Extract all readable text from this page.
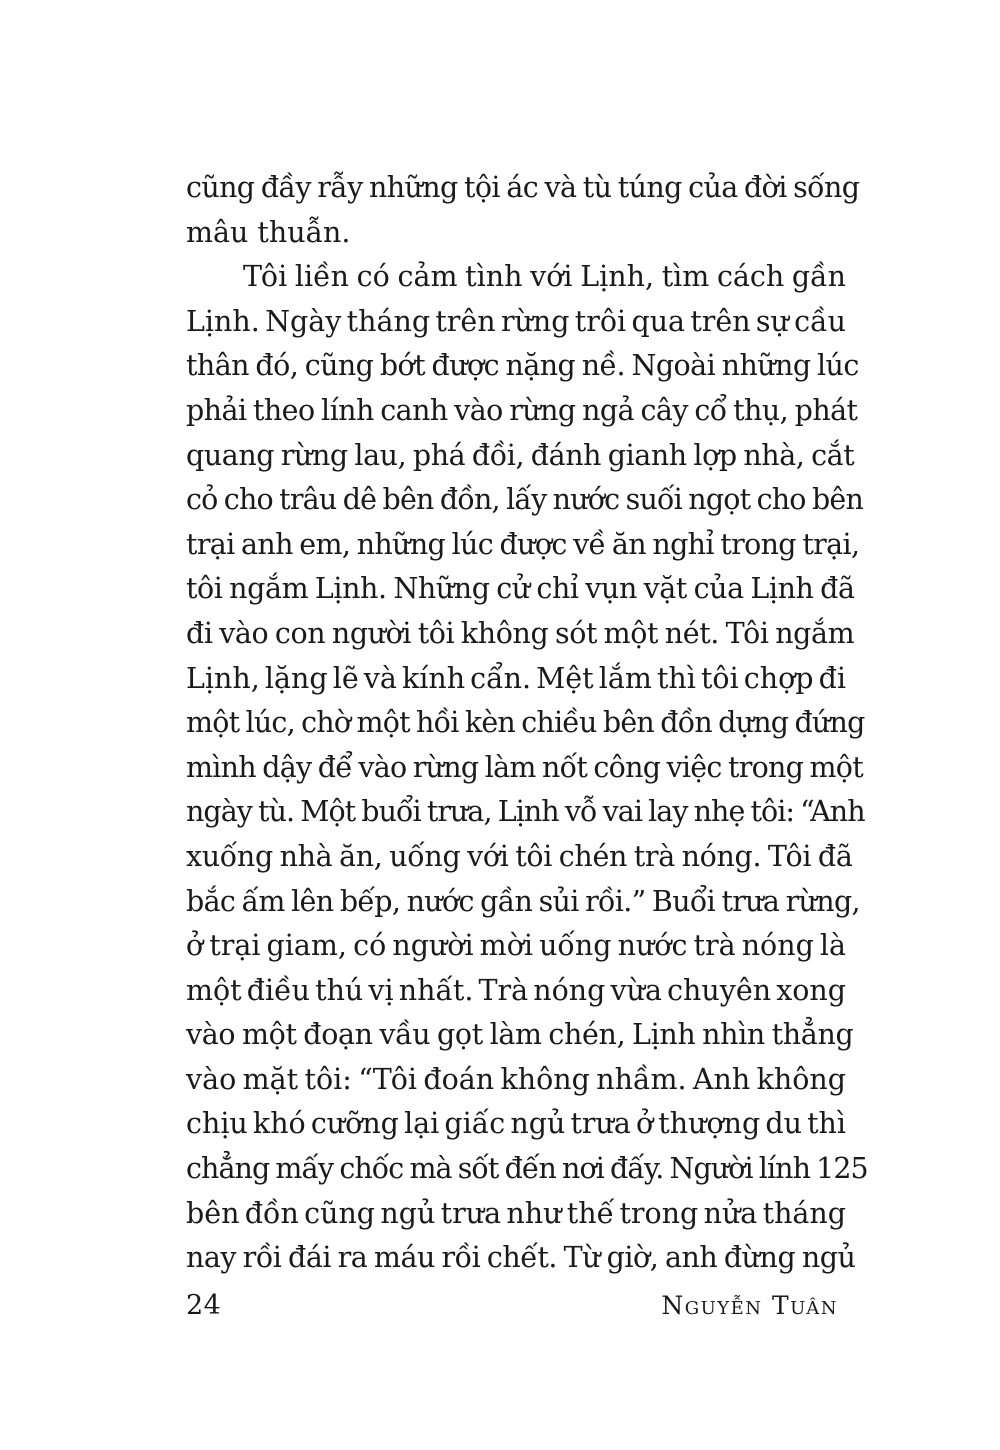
cũng đầy rẫy những tội ác và tù túng của đời sống
mâu thuẫn.
Tôi liền có cảm tình với Lịnh, tìm cách gần
Lịnh. Ngày tháng trên rừng trôi qua trên sự cầu
thân đó, cũng bớt được nặng nề. Ngoài những lúc
phải theo lính canh vào rừng ngả cây cổ thụ, phát
quang rừng lau, phá đồi, đánh gianh lợp nhà, cắt
cỏ cho trâu dê bên đồn, lấy nước suối ngọt cho bên
trại anh em, những lúc được về ăn nghỉ trong trại,
tôi ngắm Lịnh. Những cử chỉ vụn vặt của Lịnh đã
đi vào con người tôi không sót một nét. Tôi ngắm
Lịnh, lặng lẽ và kính cẩn. Mệt lắm thì tôi chợp đi
một lúc, chờ một hồi kèn chiều bên đồn dựng đứng
mình dậy để vào rừng làm nốt công việc trong một
ngày tù. Một buổi trưa, Lịnh vỗ vai lay nhẹ tôi: “Anh
xuống nhà ăn, uống với tôi chén trà nóng. Tôi đã
bắc ấm lên bếp, nước gần sủi rồi.” Buổi trưa rừng,
ở trại giam, có người mời uống nước trà nóng là
một điều thú vị nhất. Trà nóng vừa chuyên xong
vào một đoạn vầu gọt làm chén, Lịnh nhìn thẳng
vào mặt tôi: “Tôi đoán không nhầm. Anh không
chịu khó cưỡng lại giấc ngủ trưa ở thượng du thì
chẳng mấy chốc mà sốt đến nơi đấy. Người lính 125
bên đồn cũng ngủ trưa như thế trong nửa tháng
nay rồi đái ra máu rồi chết. Từ giờ, anh đừng ngủ
24	Nguyễn Tuân
